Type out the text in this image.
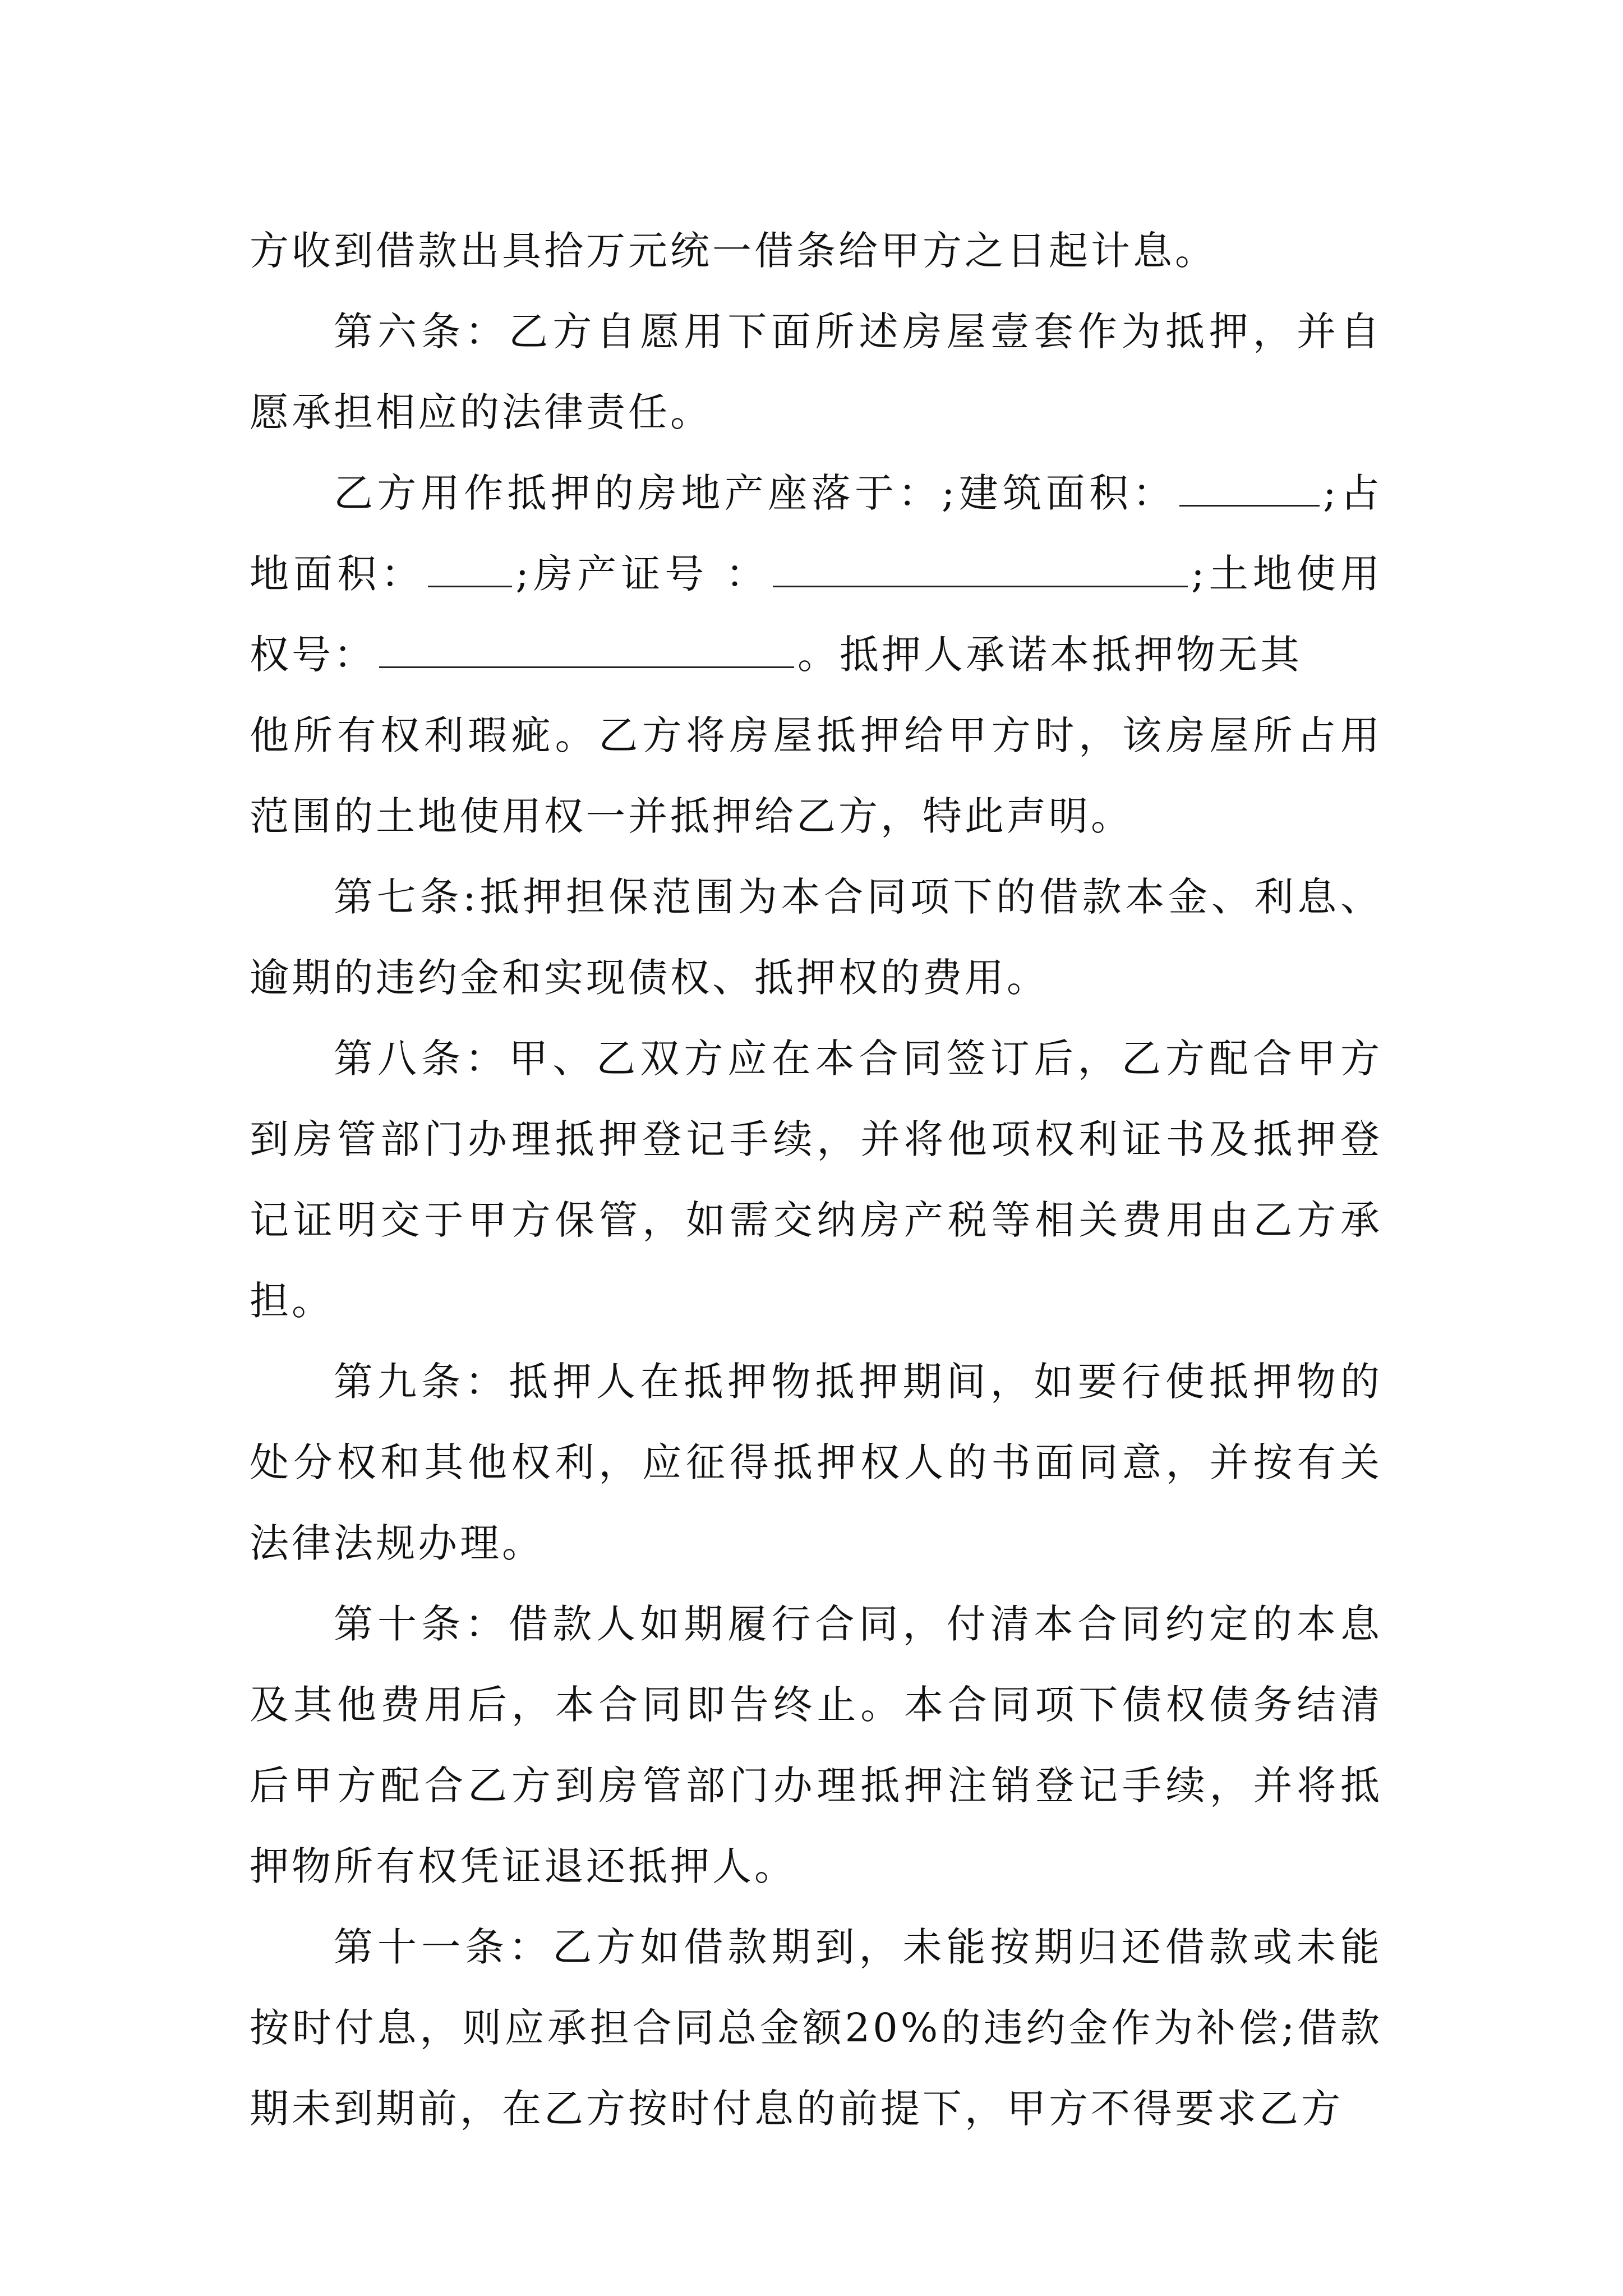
方收到借款出具拾万元统一借条给甲方之日起计息。

第六条：乙方自愿用下面所述房屋壹套作为抵押，并自愿承担相应的法律责任。

乙方用作抵押的房地产座落于：;建筑面积：	;占地面积： ;房产证号 ：	;土地使用权号：	。抵押人承诺本抵押物无其

他所有权利瑕疵。乙方将房屋抵押给甲方时，该房屋所占用范围的土地使用权一并抵押给乙方，特此声明。

第七条:抵押担保范围为本合同项下的借款本金、利息、逾期的违约金和实现债权、抵押权的费用。

第八条：甲、乙双方应在本合同签订后，乙方配合甲方到房管部门办理抵押登记手续，并将他项权利证书及抵押登记证明交于甲方保管，如需交纳房产税等相关费用由乙方承担。

第九条：抵押人在抵押物抵押期间，如要行使抵押物的处分权和其他权利，应征得抵押权人的书面同意，并按有关法律法规办理。

第十条：借款人如期履行合同，付清本合同约定的本息及其他费用后，本合同即告终止。本合同项下债权债务结清后甲方配合乙方到房管部门办理抵押注销登记手续，并将抵押物所有权凭证退还抵押人。

第十一条：乙方如借款期到，未能按期归还借款或未能按时付息，则应承担合同总金额20%的违约金作为补偿;借款期未到期前，在乙方按时付息的前提下，甲方不得要求乙方
